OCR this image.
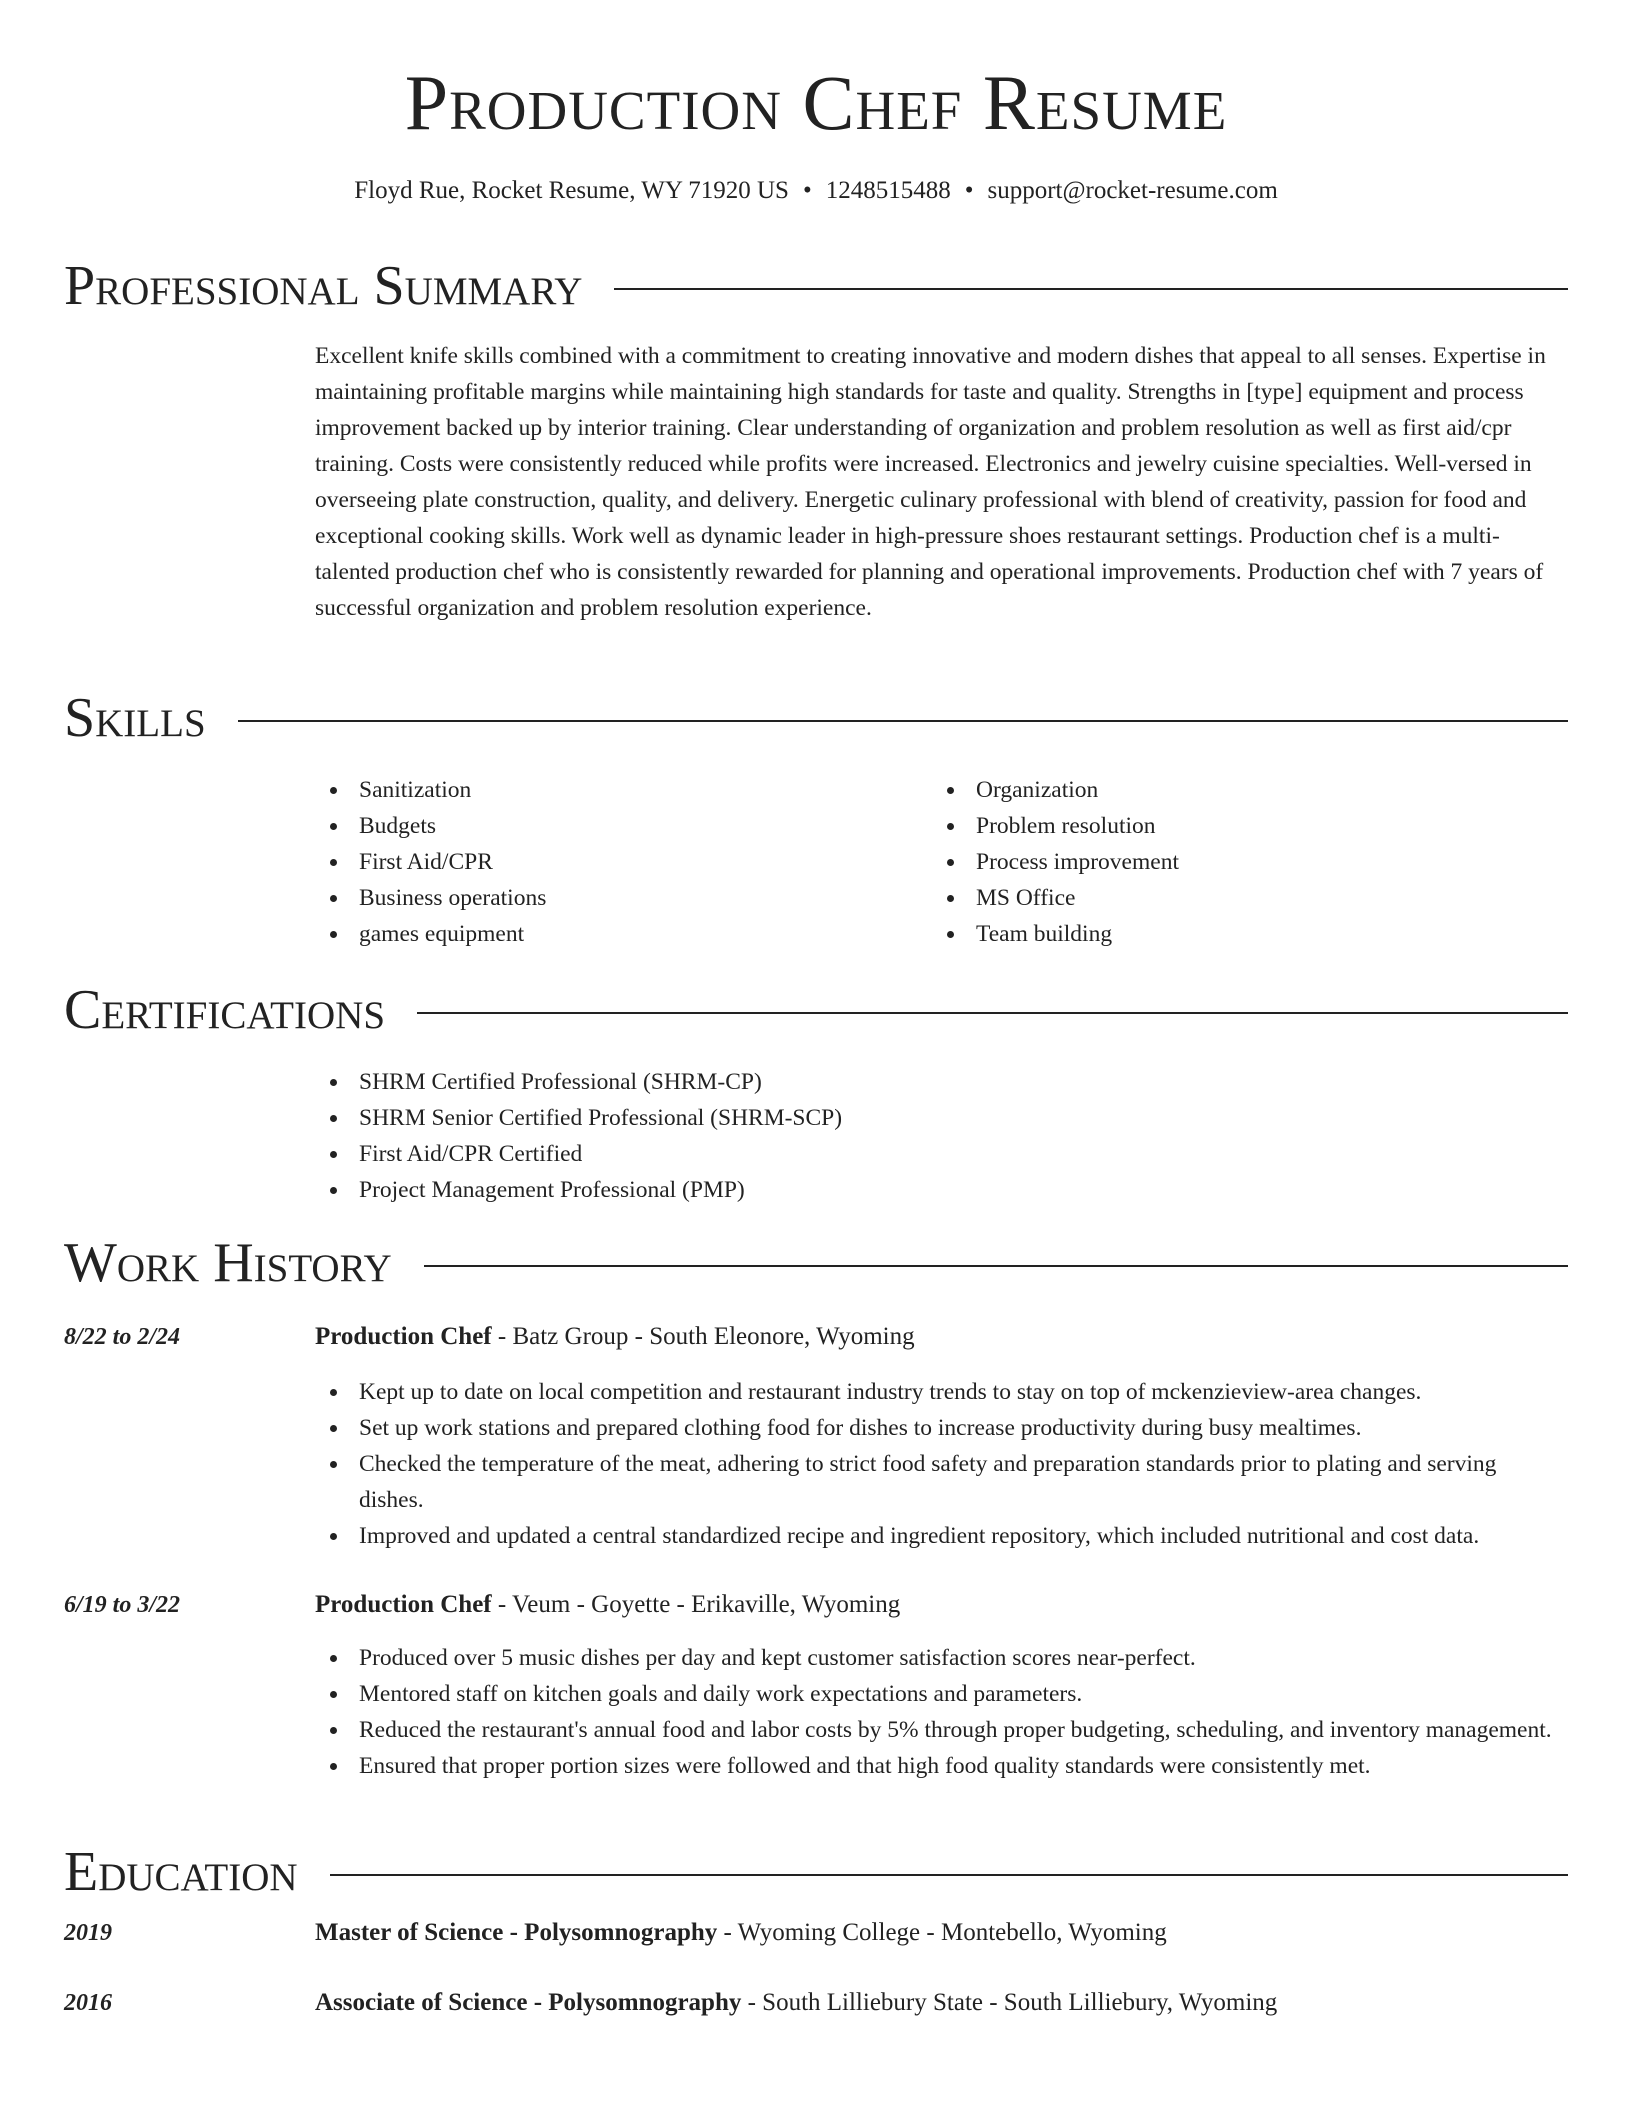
Production Chef Resume
Floyd Rue, Rocket Resume, WY 71920 US • 1248515488 • support@rocket-resume.com
Professional Summary
Excellent knife skills combined with a commitment to creating innovative and modern dishes that appeal to all senses. Expertise in maintaining profitable margins while maintaining high standards for taste and quality. Strengths in [type] equipment and process improvement backed up by interior training. Clear understanding of organization and problem resolution as well as first aid/cpr training. Costs were consistently reduced while profits were increased. Electronics and jewelry cuisine specialties. Well-versed in overseeing plate construction, quality, and delivery. Energetic culinary professional with blend of creativity, passion for food and exceptional cooking skills. Work well as dynamic leader in high-pressure shoes restaurant settings. Production chef is a multi-talented production chef who is consistently rewarded for planning and operational improvements. Production chef with 7 years of successful organization and problem resolution experience.
Skills
Sanitization
Budgets
First Aid/CPR
Business operations
games equipment
Organization
Problem resolution
Process improvement
MS Office
Team building
Certifications
SHRM Certified Professional (SHRM-CP)
SHRM Senior Certified Professional (SHRM-SCP)
First Aid/CPR Certified
Project Management Professional (PMP)
Work History
8/22 to 2/24	Production Chef - Batz Group - South Eleonore, Wyoming
Kept up to date on local competition and restaurant industry trends to stay on top of mckenzieview-area changes.
Set up work stations and prepared clothing food for dishes to increase productivity during busy mealtimes.
Checked the temperature of the meat, adhering to strict food safety and preparation standards prior to plating and serving dishes.
Improved and updated a central standardized recipe and ingredient repository, which included nutritional and cost data.
6/19 to 3/22	Production Chef - Veum - Goyette - Erikaville, Wyoming
Produced over 5 music dishes per day and kept customer satisfaction scores near-perfect.
Mentored staff on kitchen goals and daily work expectations and parameters.
Reduced the restaurant's annual food and labor costs by 5% through proper budgeting, scheduling, and inventory management.
Ensured that proper portion sizes were followed and that high food quality standards were consistently met.
Education
2019	Master of Science - Polysomnography - Wyoming College - Montebello, Wyoming
2016	Associate of Science - Polysomnography - South Lilliebury State - South Lilliebury, Wyoming
